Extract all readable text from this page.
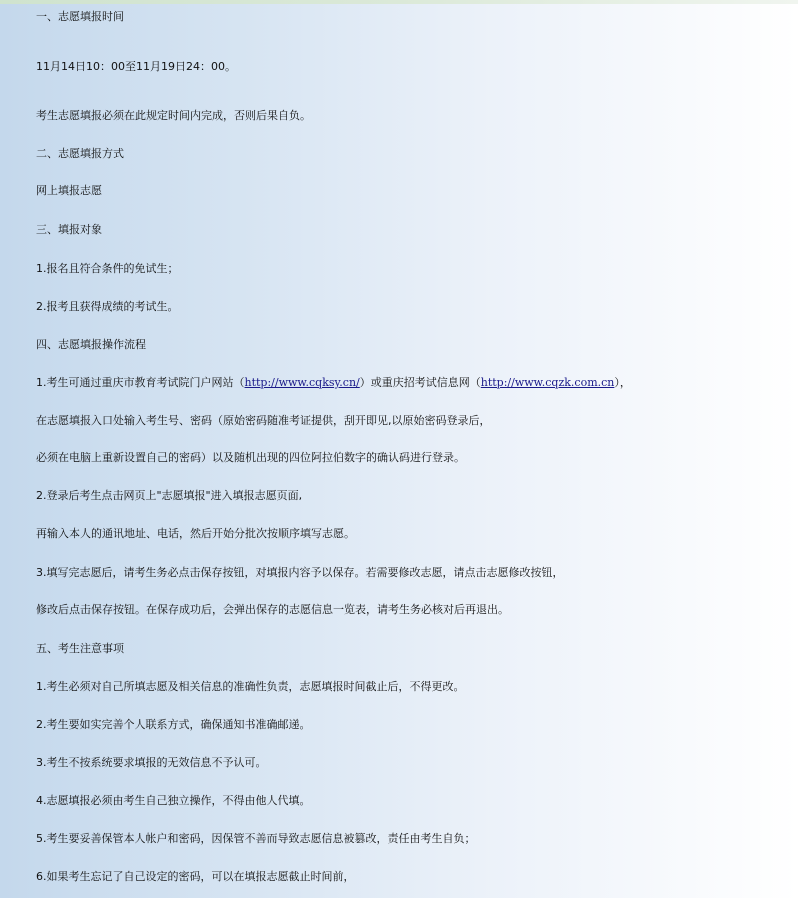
一、志愿填报时间
11月14日10：00至11月19日24：00。
考生志愿填报必须在此规定时间内完成，否则后果自负。
二、志愿填报方式
网上填报志愿
三、填报对象
1.报名且符合条件的免试生；
2.报考且获得成绩的考试生。
四、志愿填报操作流程
1.考生可通过重庆市教育考试院门户网站（http://www.cqksy.cn/）或重庆招考试信息网（http://www.cqzk.com.cn），
在志愿填报入口处输入考生号、密码（原始密码随准考证提供，刮开即见,以原始密码登录后，
必须在电脑上重新设置自己的密码）以及随机出现的四位阿拉伯数字的确认码进行登录。
2.登录后考生点击网页上"志愿填报"进入填报志愿页面,
再输入本人的通讯地址、电话，然后开始分批次按顺序填写志愿。
3.填写完志愿后，请考生务必点击保存按钮，对填报内容予以保存。若需要修改志愿，请点击志愿修改按钮，
修改后点击保存按钮。在保存成功后，会弹出保存的志愿信息一览表，请考生务必核对后再退出。
五、考生注意事项
1.考生必须对自己所填志愿及相关信息的准确性负责，志愿填报时间截止后，不得更改。
2.考生要如实完善个人联系方式，确保通知书准确邮递。
3.考生不按系统要求填报的无效信息不予认可。
4.志愿填报必须由考生自己独立操作，不得由他人代填。
5.考生要妥善保管本人帐户和密码，因保管不善而导致志愿信息被篡改，责任由考生自负；
6.如果考生忘记了自己设定的密码，可以在填报志愿截止时间前，
